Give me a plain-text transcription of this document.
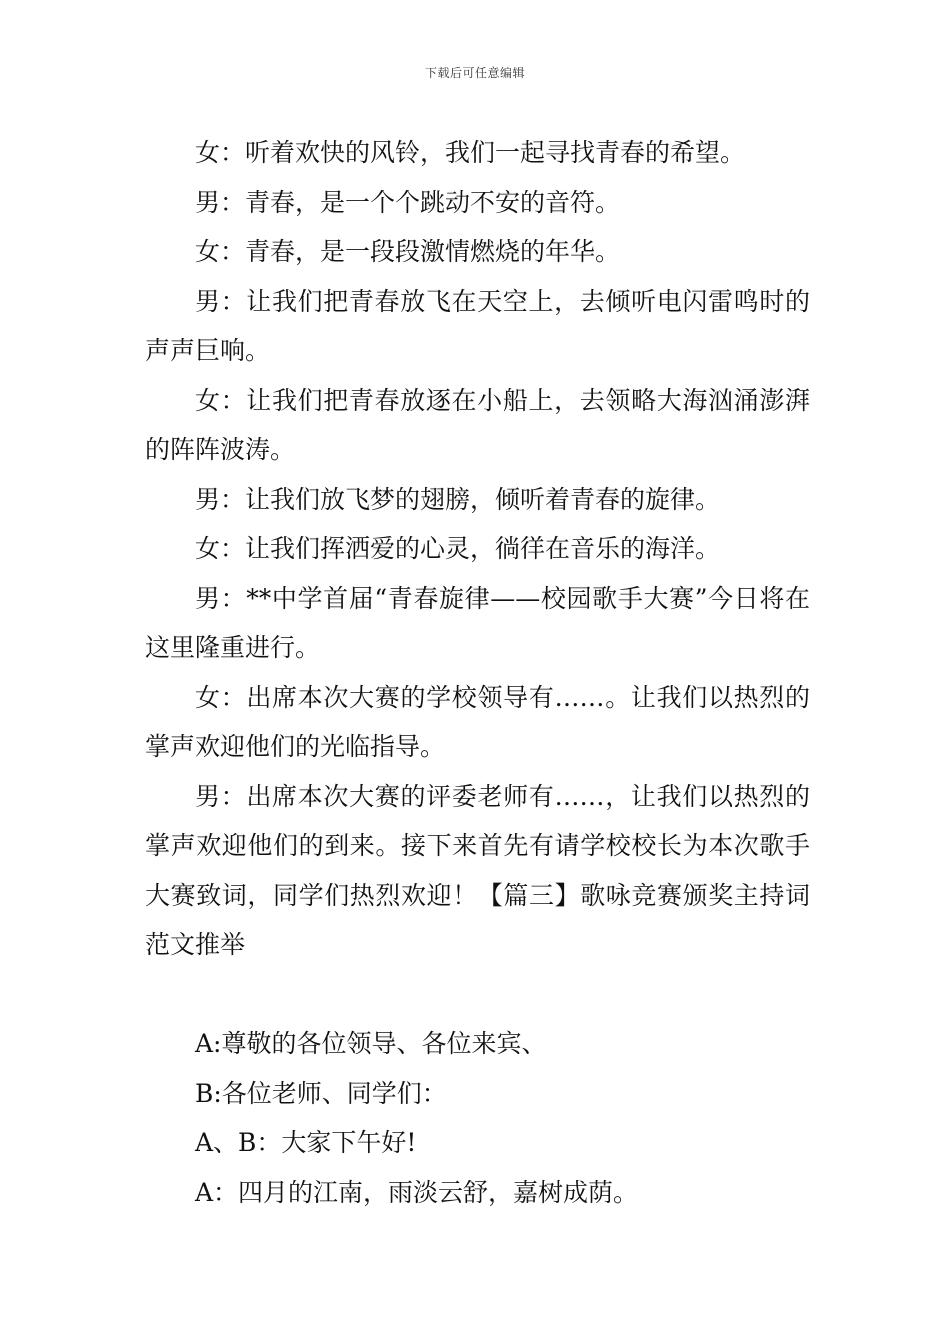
下载后可任意编辑

女：听着欢快的风铃，我们一起寻找青春的希望。

男：青春，是一个个跳动不安的音符。

女：青春，是一段段激情燃烧的年华。

男：让我们把青春放飞在天空上，去倾听电闪雷鸣时的声声巨响。

女：让我们把青春放逐在小船上，去领略大海汹涌澎湃的阵阵波涛。

男：让我们放飞梦的翅膀，倾听着青春的旋律。

女：让我们挥洒爱的心灵，徜徉在音乐的海洋。

男：**中学首届“青春旋律——校园歌手大赛”今日将在这里隆重进行。

女：出席本次大赛的学校领导有……。让我们以热烈的掌声欢迎他们的光临指导。

男：出席本次大赛的评委老师有……，让我们以热烈的掌声欢迎他们的到来。接下来首先有请学校校长为本次歌手大赛致词，同学们热烈欢迎！【篇三】歌咏竞赛颁奖主持词范文推举

A:尊敬的各位领导、各位来宾、

B:各位老师、同学们：

A、B：大家下午好!

A：四月的江南，雨淡云舒，嘉树成荫。
